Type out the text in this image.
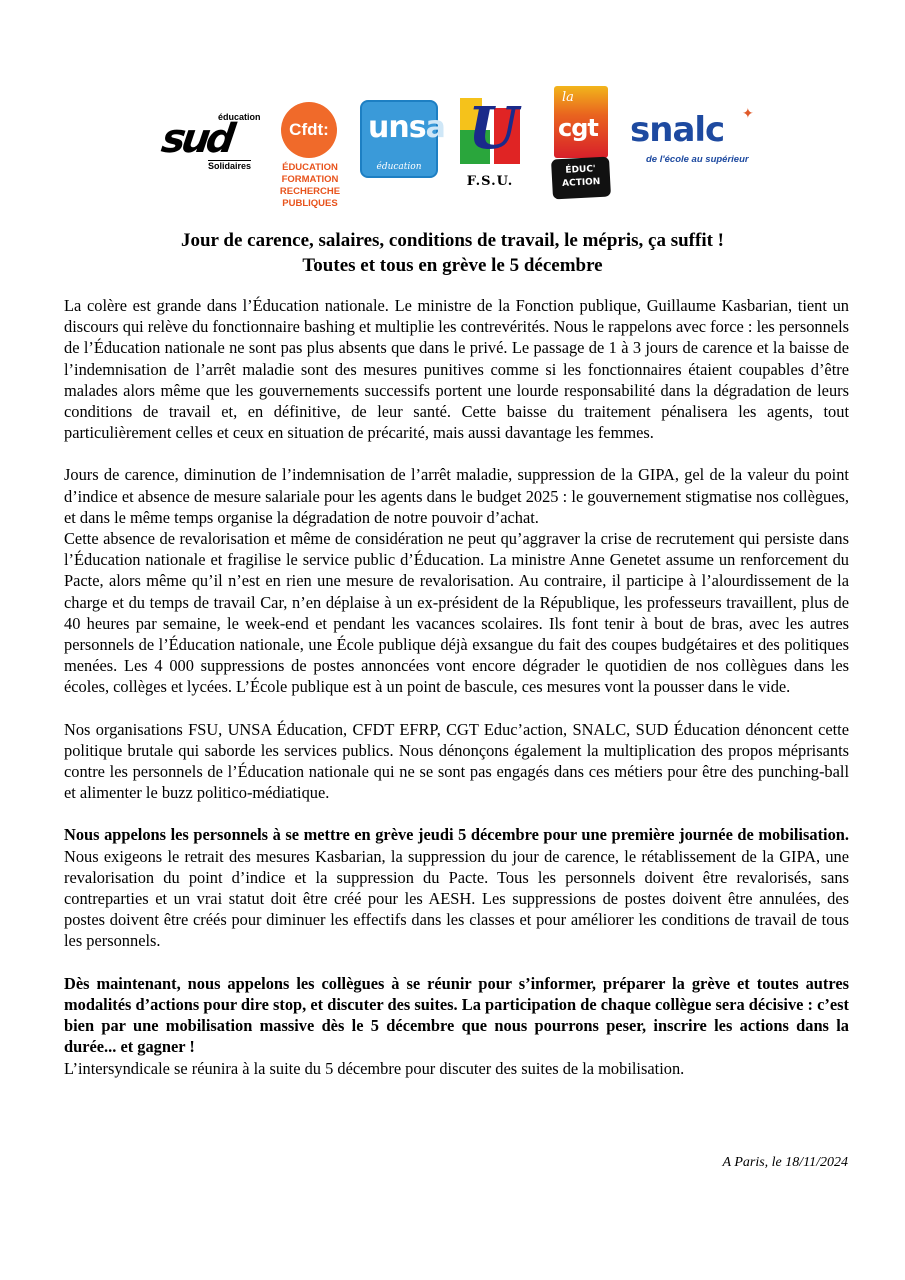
éducation
sud
Solidaires
Cfdt:
ÉDUCATION FORMATION
RECHERCHE PUBLIQUES
unsa
éducation
U
F.S.U.
la
cgt
ÉDUC'
ACTION
snalc ✦
de l'école au supérieur
Jour de carence, salaires, conditions de travail, le mépris, ça suffit !
Toutes et tous en grève le 5 décembre

La colère est grande dans l’Éducation nationale. Le ministre de la Fonction publique, Guillaume Kasbarian, tient un discours qui relève du fonctionnaire bashing et multiplie les contrevérités. Nous le rappelons avec force : les personnels de l’Éducation nationale ne sont pas plus absents que dans le privé. Le passage de 1 à 3 jours de carence et la baisse de l’indemnisation de l’arrêt maladie sont des mesures punitives comme si les fonctionnaires étaient coupables d’être malades alors même que les gouvernements successifs portent une lourde responsabilité dans la dégradation de leurs conditions de travail et, en définitive, de leur santé. Cette baisse du traitement pénalisera les agents, tout particulièrement celles et ceux en situation de précarité, mais aussi davantage les femmes.

Jours de carence, diminution de l’indemnisation de l’arrêt maladie, suppression de la GIPA, gel de la valeur du point d’indice et absence de mesure salariale pour les agents dans le budget 2025 : le gouvernement stigmatise nos collègues, et dans le même temps organise la dégradation de notre pouvoir d’achat.

Cette absence de revalorisation et même de considération ne peut qu’aggraver la crise de recrutement qui persiste dans l’Éducation nationale et fragilise le service public d’Éducation. La ministre Anne Genetet assume un renforcement du Pacte, alors même qu’il n’est en rien une mesure de revalorisation. Au contraire, il participe à l’alourdissement de la charge et du temps de travail Car, n’en déplaise à un ex-président de la République, les professeurs travaillent, plus de 40 heures par semaine, le week-end et pendant les vacances scolaires. Ils font tenir à bout de bras, avec les autres personnels de l’Éducation nationale, une École publique déjà exsangue du fait des coupes budgétaires et des politiques menées. Les 4 000 suppressions de postes annoncées vont encore dégrader le quotidien de nos collègues dans les écoles, collèges et lycées. L’École publique est à un point de bascule, ces mesures vont la pousser dans le vide.

Nos organisations FSU, UNSA Éducation, CFDT EFRP, CGT Educ’action, SNALC, SUD Éducation dénoncent cette politique brutale qui saborde les services publics. Nous dénonçons également la multiplication des propos méprisants contre les personnels de l’Éducation nationale qui ne se sont pas engagés dans ces métiers pour être des punching-ball et alimenter le buzz politico-médiatique.

Nous appelons les personnels à se mettre en grève jeudi 5 décembre pour une première journée de mobilisation. Nous exigeons le retrait des mesures Kasbarian, la suppression du jour de carence, le rétablissement de la GIPA, une revalorisation du point d’indice et la suppression du Pacte. Tous les personnels doivent être revalorisés, sans contreparties et un vrai statut doit être créé pour les AESH. Les suppressions de postes doivent être annulées, des postes doivent être créés pour diminuer les effectifs dans les classes et pour améliorer les conditions de travail de tous les personnels.

Dès maintenant, nous appelons les collègues à se réunir pour s’informer, préparer la grève et toutes autres modalités d’actions pour dire stop, et discuter des suites. La participation de chaque collègue sera décisive : c’est bien par une mobilisation massive dès le 5 décembre que nous pourrons peser, inscrire les actions dans la durée... et gagner !

L’intersyndicale se réunira à la suite du 5 décembre pour discuter des suites de la mobilisation.

A Paris, le 18/11/2024
